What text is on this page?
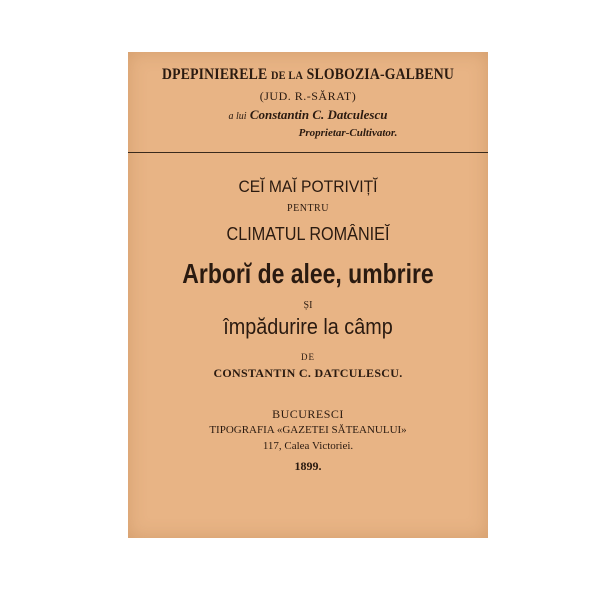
DPEPINIERELE DE LA SLOBOZIA-GALBENU
(JUD. R.-SĂRAT)
a lui Constantin C. Datculescu
Proprietar-Cultivator.
CEĬ MAĬ POTRIVIȚĬ
PENTRU
CLIMATUL ROMÂNIEĬ
Arborĭ de alee, umbrire
ȘI
împădurire la câmp
DE
CONSTANTIN C. DATCULESCU.
BUCURESCI
TIPOGRAFIA «GAZETEI SĂTEANULUI»
117, Calea Victoriei.
1899.
